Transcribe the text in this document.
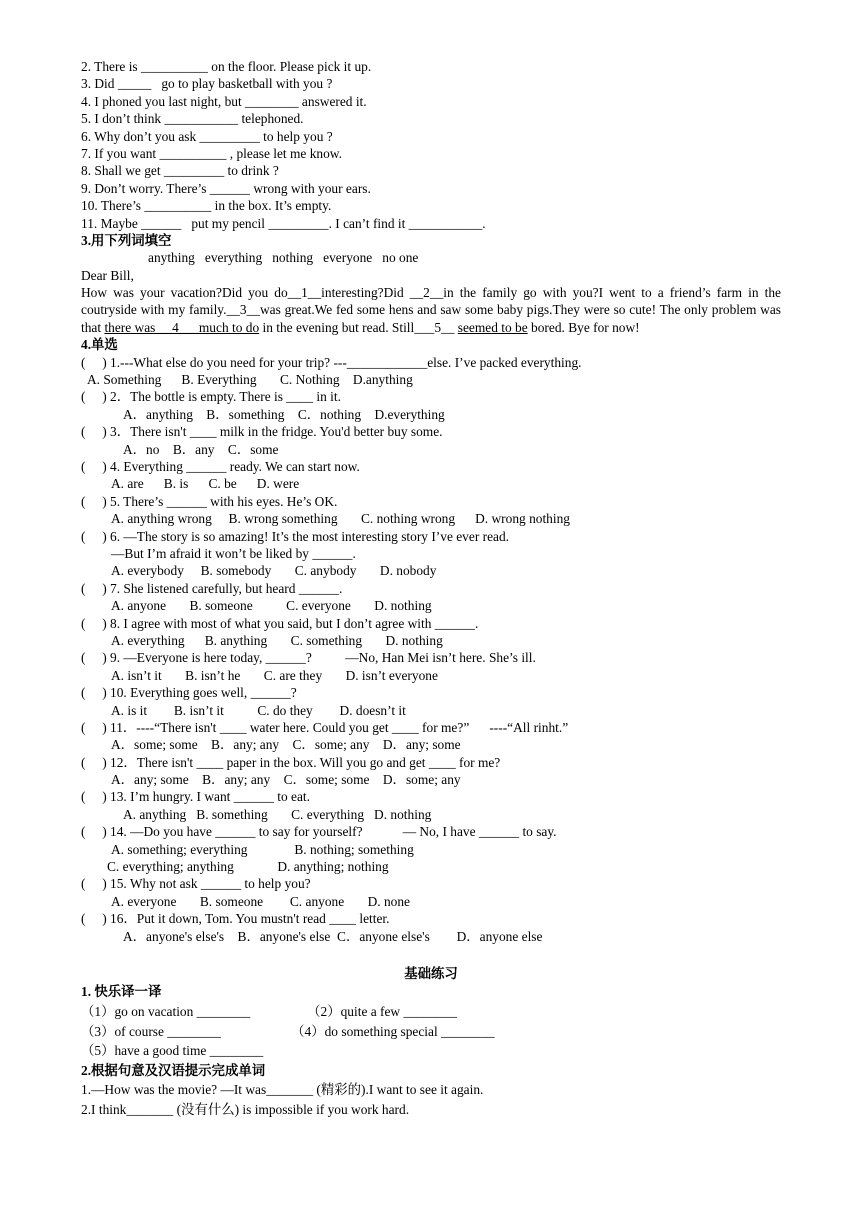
2. There is __________ on the floor. Please pick it up.
3. Did _____   go to play basketball with you ?
4. I phoned you last night, but ________ answered it.
5. I don’t think ___________ telephoned.
6. Why don’t you ask _________ to help you ?
7. If you want __________ , please let me know.
8. Shall we get _________ to drink ?
9. Don’t worry. There’s ______ wrong with your ears.
10. There’s __________ in the box. It’s empty.
11. Maybe ______   put my pencil _________. I can’t find it ___________.
3.用下列词填空
anything   everything   nothing   everyone   no one
Dear Bill,
How was your vacation?Did you do__1__interesting?Did __2__in the family go with you?I went to a friend’s farm in the coutryside with my family.__3__was great.We fed some hens and saw some baby pigs.They were so cute! The only problem was that there was __4___much to do in the evening but read. Still___5__ seemed to be bored. Bye for now!
4.单选
(     ) 1.---What else do you need for your trip? ---____________else. I’ve packed everything.
A. Something      B. Everything       C. Nothing    D.anything
(     ) 2．The bottle is empty. There is ____ in it.
A．anything    B．something    C．nothing    D.everything
(     ) 3．There isn't ____ milk in the fridge. You'd better buy some.
A．no    B．any    C．some
(     ) 4. Everything ______ ready. We can start now.
A. are      B. is      C. be      D. were
(     ) 5. There’s ______ with his eyes. He’s OK.
A. anything wrong     B. wrong something       C. nothing wrong      D. wrong nothing
(     ) 6. —The story is so amazing! It’s the most interesting story I’ve ever read.
—But I’m afraid it won’t be liked by ______.
A. everybody     B. somebody       C. anybody       D. nobody
(     ) 7. She listened carefully, but heard ______.
A. anyone       B. someone          C. everyone       D. nothing
(     ) 8. I agree with most of what you said, but I don’t agree with ______.
A. everything      B. anything       C. something       D. nothing
(     ) 9. —Everyone is here today, ______?          —No, Han Mei isn’t here. She’s ill.
A. isn’t it       B. isn’t he       C. are they       D. isn’t everyone
(     ) 10. Everything goes well, ______?
A. is it        B. isn’t it          C. do they        D. doesn’t it
(     ) 11．----“There isn't ____ water here. Could you get ____ for me?”      ----“All rinht.”
A．some; some    B．any; any    C．some; any    D．any; some
(     ) 12．There isn't ____ paper in the box. Will you go and get ____ for me?
A．any; some    B．any; any    C．some; some    D．some; any
(     ) 13. I’m hungry. I want ______ to eat.
A. anything   B. something       C. everything   D. nothing
(     ) 14. —Do you have ______ to say for yourself?            — No, I have ______ to say.
A. something; everything              B. nothing; something
C. everything; anything             D. anything; nothing
(     ) 15. Why not ask ______ to help you?
A. everyone       B. someone        C. anyone       D. none
(     ) 16．Put it down, Tom. You mustn't read ____ letter.
A．anyone's else's    B．anyone's else  C．anyone else's        D．anyone else
基础练习
1. 快乐译一译
（1）go on vacation ________                 （2）quite a few ________
（3）of course ________                     （4）do something special ________
（5）have a good time ________
2.根据句意及汉语提示完成单词
1.—How was the movie? —It was_______ (精彩的).I want to see it again.
2.I think_______ (没有什么) is impossible if you work hard.
